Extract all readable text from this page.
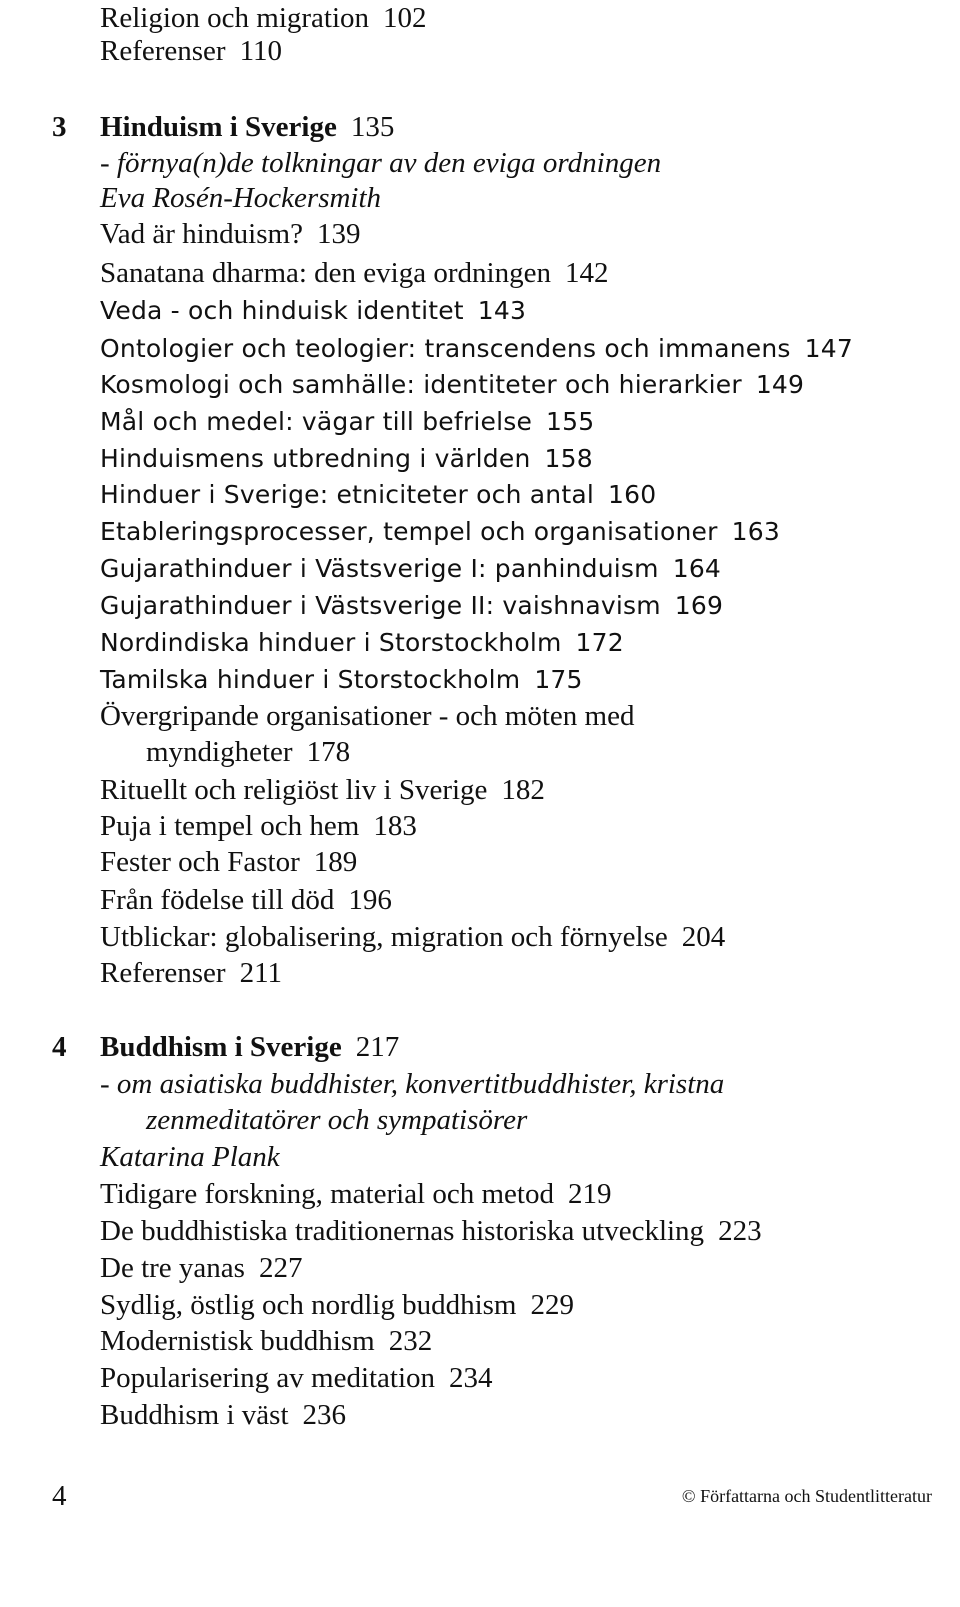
Religion och migration 102
Referenser 110
3 Hinduism i Sverige 135
- förnya(n)de tolkningar av den eviga ordningen
Eva Rosén-Hockersmith
Vad är hinduism? 139
Sanatana dharma: den eviga ordningen 142
Veda - och hinduisk identitet 143
Ontologier och teologier: transcendens och immanens 147
Kosmologi och samhälle: identiteter och hierarkier 149
Mål och medel: vägar till befrielse 155
Hinduismens utbredning i världen 158
Hinduer i Sverige: etniciteter och antal 160
Etableringsprocesser, tempel och organisationer 163
Gujarathinduer i Västsverige I: panhinduism 164
Gujarathinduer i Västsverige II: vaishnavism 169
Nordindiska hinduer i Storstockholm 172
Tamilska hinduer i Storstockholm 175
Övergripande organisationer - och möten med
myndigheter 178
Rituellt och religiöst liv i Sverige 182
Puja i tempel och hem 183
Fester och Fastor 189
Från födelse till död 196
Utblickar: globalisering, migration och förnyelse 204
Referenser 211
4 Buddhism i Sverige 217
- om asiatiska buddhister, konvertitbuddhister, kristna
zenmeditatörer och sympatisörer
Katarina Plank
Tidigare forskning, material och metod 219
De buddhistiska traditionernas historiska utveckling 223
De tre yanas 227
Sydlig, östlig och nordlig buddhism 229
Modernistisk buddhism 232
Popularisering av meditation 234
Buddhism i väst 236
4	© Författarna och Studentlitteratur
